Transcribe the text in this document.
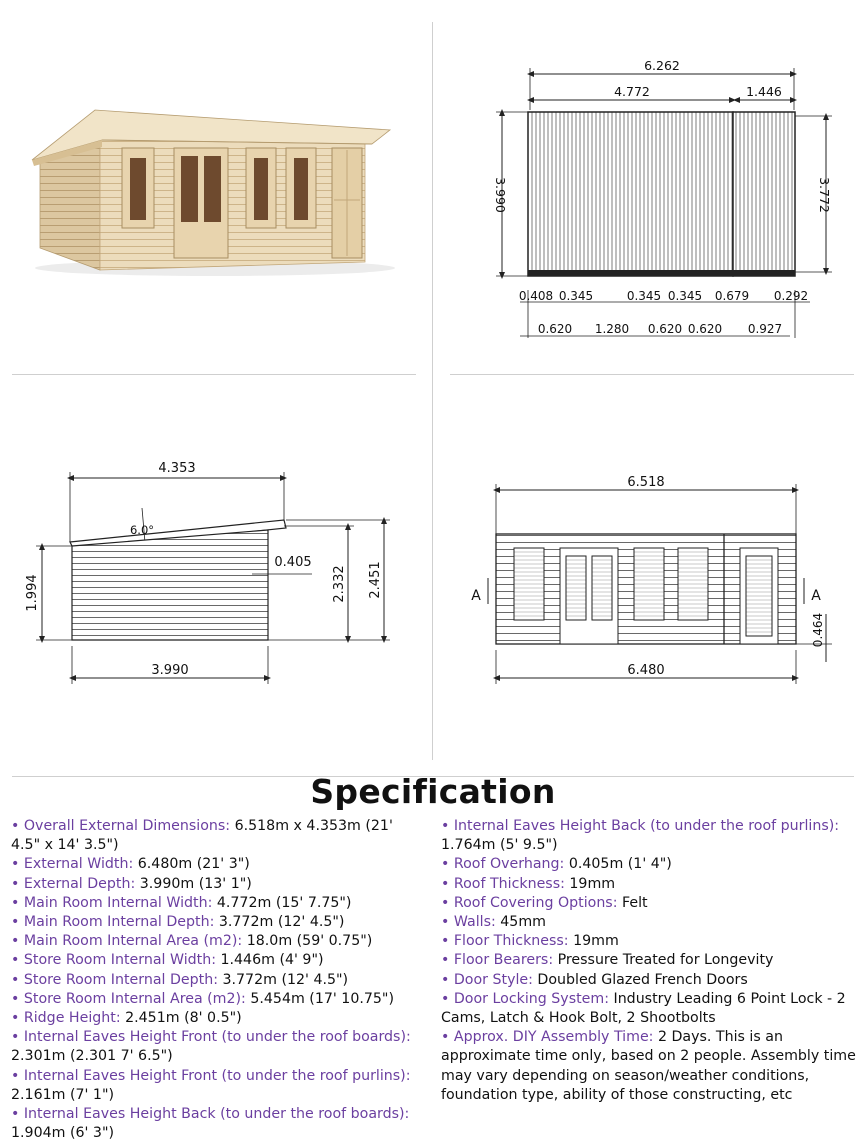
6.262
4.772	1.446
3.990	3.772
0.408 0.345	0.345 0.345 0.679 0.292
0.620 1.280 0.620 0.620 0.927
4.353
6.0°
1.994
0.405
2.332 2.451
3.990
6.518
A	A
0.464
6.480
Specification

• Overall External Dimensions: 6.518m x 4.353m (21' 4.5" x 14' 3.5")

• External Width: 6.480m (21' 3")

• External Depth: 3.990m (13' 1")

• Main Room Internal Width: 4.772m (15' 7.75")

• Main Room Internal Depth: 3.772m (12' 4.5")

• Main Room Internal Area (m2): 18.0m (59' 0.75")

• Store Room Internal Width: 1.446m (4' 9")

• Store Room Internal Depth: 3.772m (12' 4.5")

• Store Room Internal Area (m2): 5.454m (17' 10.75")

• Ridge Height: 2.451m (8' 0.5")

• Internal Eaves Height Front (to under the roof boards): 2.301m (2.301 7' 6.5")

• Internal Eaves Height Front (to under the roof purlins): 2.161m (7' 1")

• Internal Eaves Height Back (to under the roof boards): 1.904m (6' 3")

• Internal Eaves Height Back (to under the roof purlins): 1.764m (5' 9.5")

• Roof Overhang: 0.405m (1' 4")

• Roof Thickness: 19mm

• Roof Covering Options: Felt

• Walls: 45mm

• Floor Thickness: 19mm

• Floor Bearers: Pressure Treated for Longevity

• Door Style: Doubled Glazed French Doors

• Door Locking System: Industry Leading 6 Point Lock - 2 Cams, Latch & Hook Bolt, 2 Shootbolts

• Approx. DIY Assembly Time: 2 Days. This is an approximate time only, based on 2 people. Assembly time may vary depending on season/weather conditions, foundation type, ability of those constructing, etc
